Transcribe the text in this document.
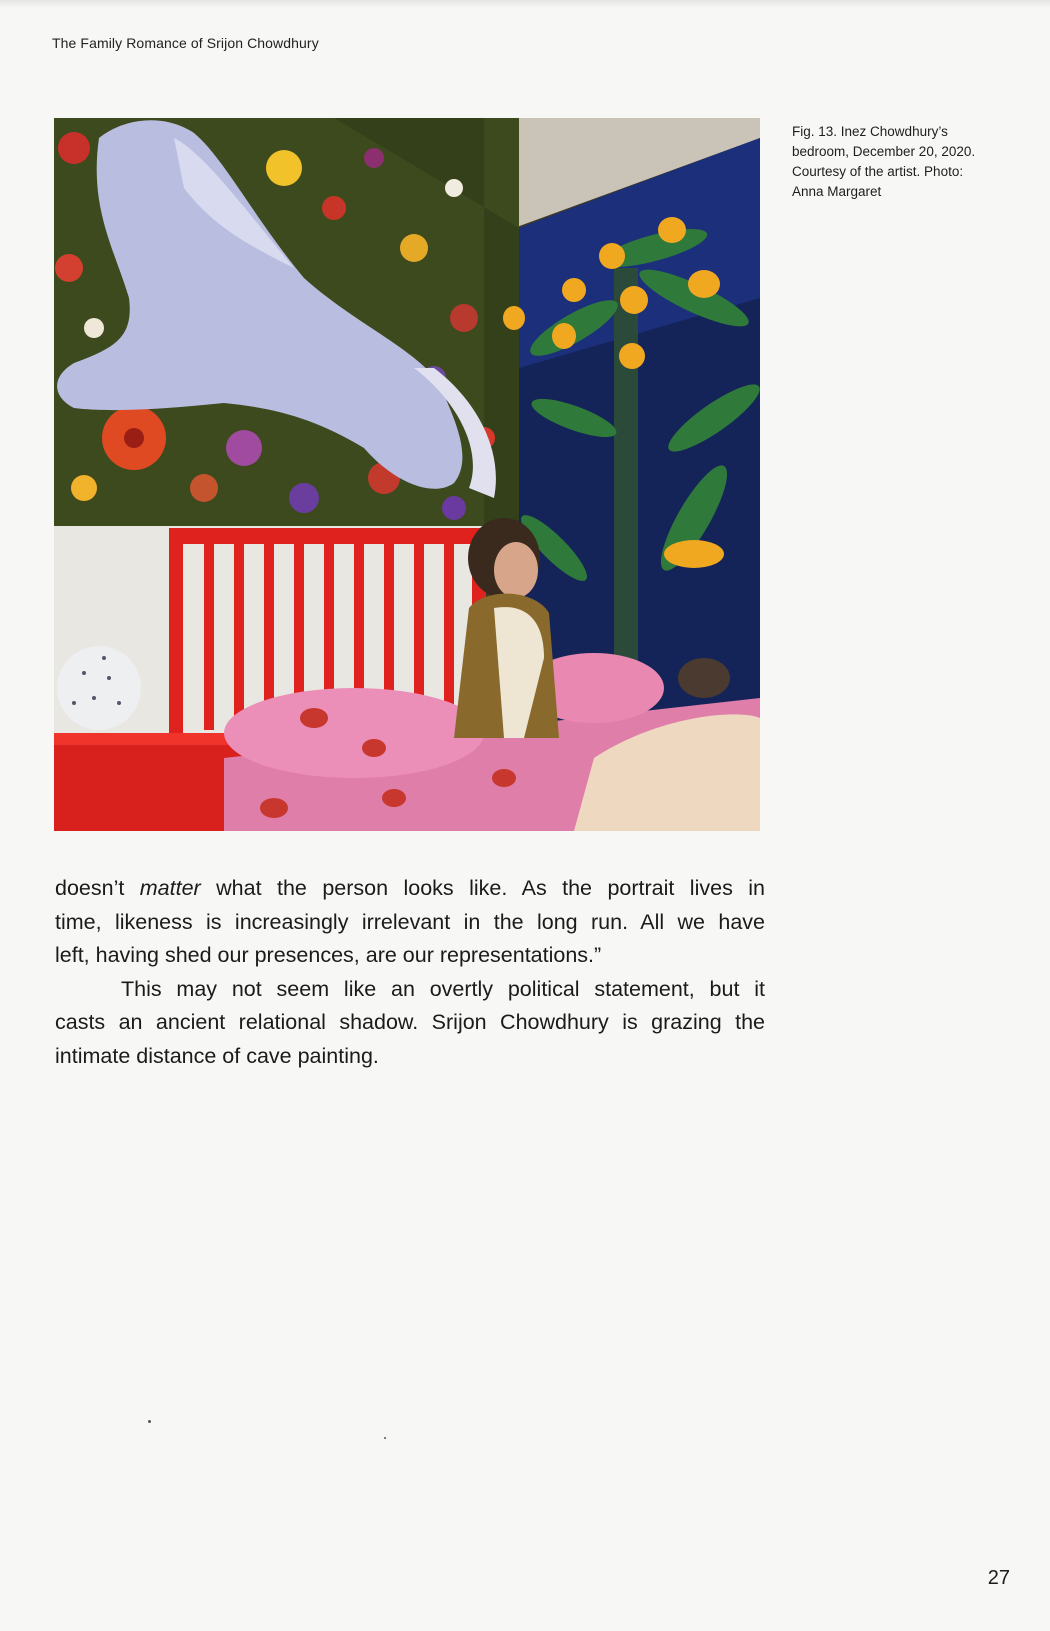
The Family Romance of Srijon Chowdhury
Fig. 13. Inez Chowdhury’s
bedroom, December 20, 2020.
Courtesy of the artist. Photo:
Anna Margaret
doesn’t matter what the person looks like. As the portrait lives in
time, likeness is increasingly irrelevant in the long run. All we have
left, having shed our presences, are our representations.”
This may not seem like an overtly political statement, but it
casts an ancient relational shadow. Srijon Chowdhury is grazing the
intimate distance of cave painting.
27
